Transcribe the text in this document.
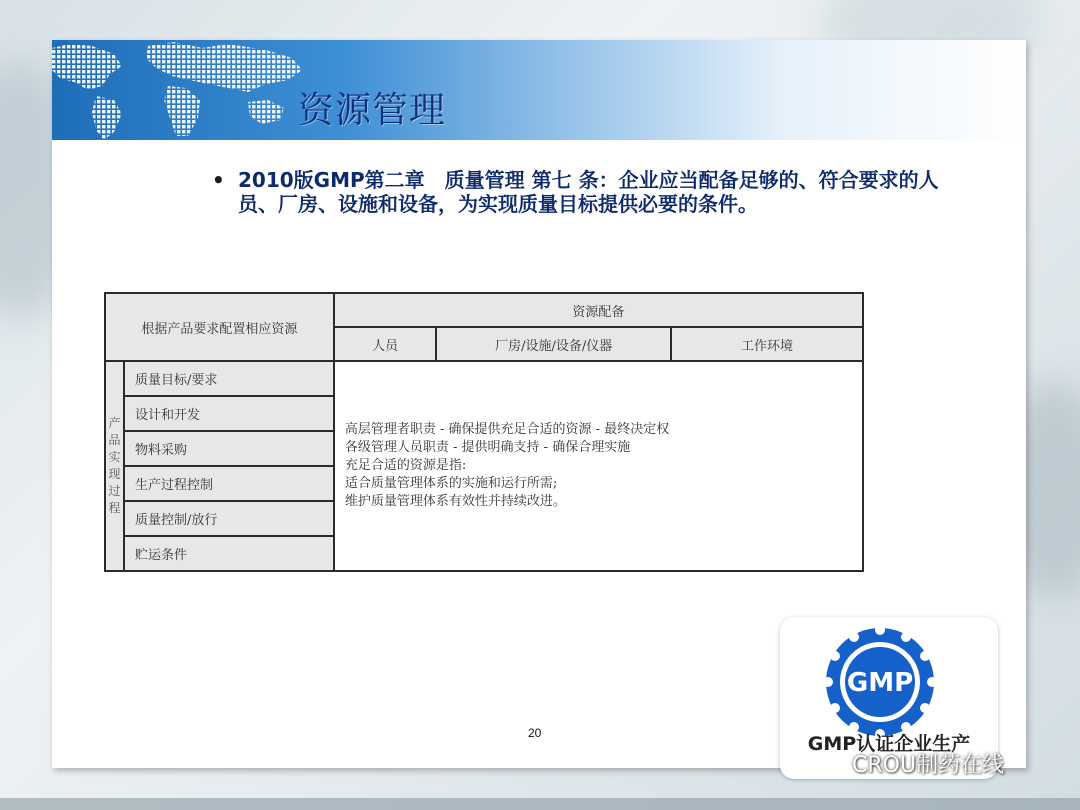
资源管理
• 2010版GMP第二章　质量管理 第七 条：企业应当配备足够的、符合要求的人员、厂房、设施和设备，为实现质量目标提供必要的条件。
根据产品要求配置相应资源		资源配备		
		人员	厂房/设施/设备/仪器	工作环境
产品实现过程	质量目标/要求	高层管理者职责 - 确保提供充足合适的资源 - 最终决定权
各级管理人员职责 - 提供明确支持 - 确保合理实施
充足合适的资源是指:
适合质量管理体系的实施和运行所需;
维护质量管理体系有效性并持续改进。		

	设计和开发			
	物料采购			
	生产过程控制			
	质量控制/放行			
	贮运条件			
20
GMP
GMP认证企业生产
CROU制药在线
